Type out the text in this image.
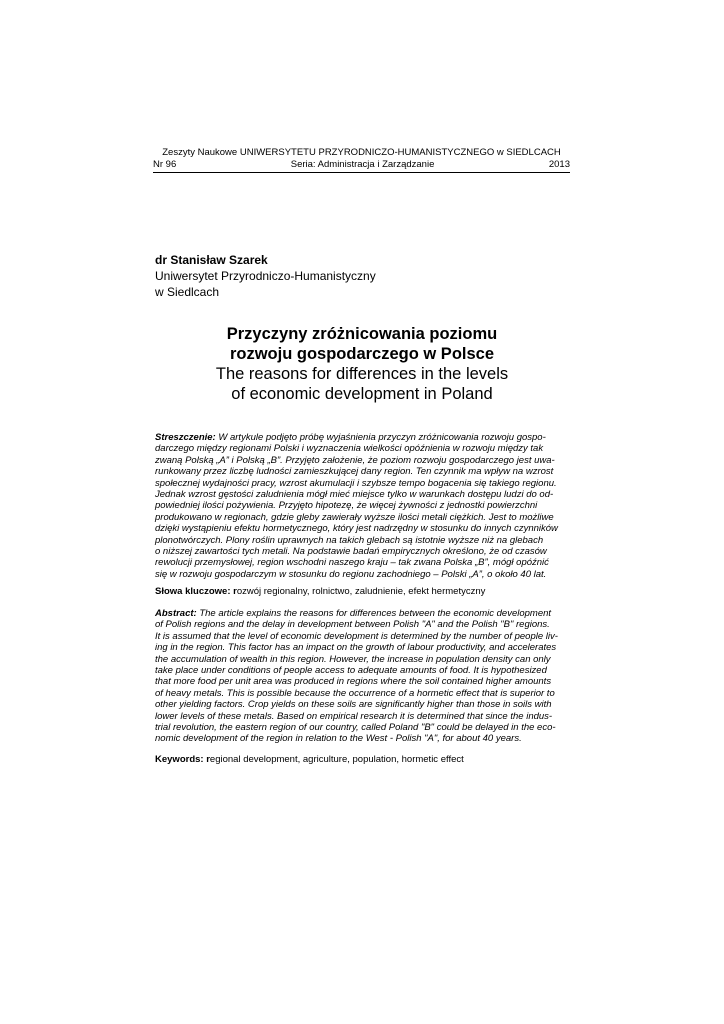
Zeszyty Naukowe UNIWERSYTETU PRZYRODNICZO-HUMANISTYCZNEGO w SIEDLCACH
Nr 96	Seria: Administracja i Zarządzanie	2013
dr Stanisław Szarek
Uniwersytet Przyrodniczo-Humanistyczny
w Siedlcach
Przyczyny zróżnicowania poziomu
rozwoju gospodarczego w Polsce
The reasons for differences in the levels
of economic development in Poland

Streszczenie: W artykule podjęto próbę wyjaśnienia przyczyn zróżnicowania rozwoju gospo-
darczego między regionami Polski i wyznaczenia wielkości opóźnienia w rozwoju między tak
zwaną Polską „A” i Polską „B”. Przyjęto założenie, że poziom rozwoju gospodarczego jest uwa-
runkowany przez liczbę ludności zamieszkującej dany region. Ten czynnik ma wpływ na wzrost
społecznej wydajności pracy, wzrost akumulacji i szybsze tempo bogacenia się takiego regionu.
Jednak wzrost gęstości zaludnienia mógł mieć miejsce tylko w warunkach dostępu ludzi do od-
powiedniej ilości pożywienia. Przyjęto hipotezę, że więcej żywności z jednostki powierzchni
produkowano w regionach, gdzie gleby zawierały wyższe ilości metali ciężkich. Jest to możliwe
dzięki wystąpieniu efektu hormetycznego, który jest nadrzędny w stosunku do innych czynników
plonotwórczych. Plony roślin uprawnych na takich glebach są istotnie wyższe niż na glebach
o niższej zawartości tych metali. Na podstawie badań empirycznych określono, że od czasów
rewolucji przemysłowej, region wschodni naszego kraju – tak zwana Polska „B”, mógł opóźnić
się w rozwoju gospodarczym w stosunku do regionu zachodniego – Polski „A”, o około 40 lat.

Słowa kluczowe: rozwój regionalny, rolnictwo, zaludnienie, efekt hermetyczny

Abstract: The article explains the reasons for differences between the economic development
of Polish regions and the delay in development between Polish "A" and the Polish "B" regions.
It is assumed that the level of economic development is determined by the number of people liv-
ing in the region. This factor has an impact on the growth of labour productivity, and accelerates
the accumulation of wealth in this region. However, the increase in population density can only
take place under conditions of people access to adequate amounts of food. It is hypothesized
that more food per unit area was produced in regions where the soil contained higher amounts
of heavy metals. This is possible because the occurrence of a hormetic effect that is superior to
other yielding factors. Crop yields on these soils are significantly higher than those in soils with
lower levels of these metals. Based on empirical research it is determined that since the indus-
trial revolution, the eastern region of our country, called Poland "B" could be delayed in the eco-
nomic development of the region in relation to the West - Polish "A", for about 40 years.

Keywords: regional development, agriculture, population, hormetic effect
